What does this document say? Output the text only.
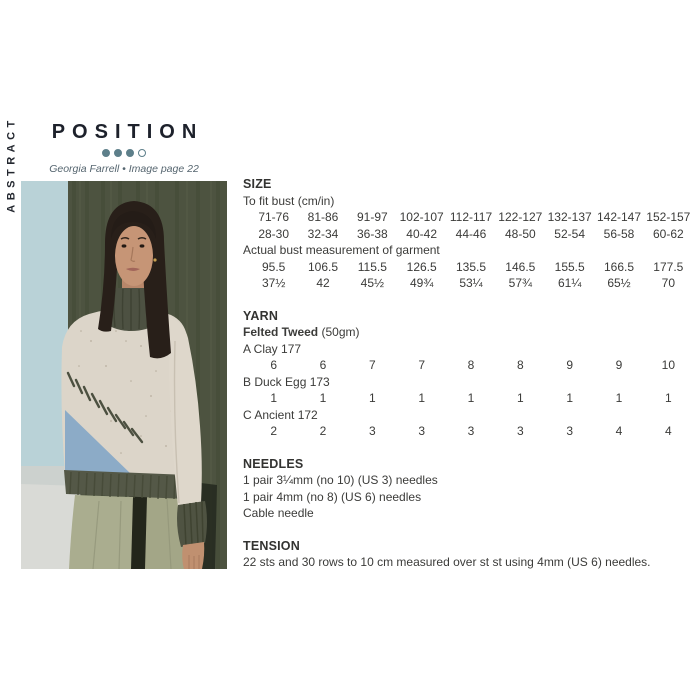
ABSTRACT	POSITION
Georgia Farrell • Image page 22
SIZE
To fit bust (cm/in)
71-76	81-86	91-97 102-107 112-117 122-127 132-137 142-147 152-157
28-30	32-34	36-38	40-42	44-46	48-50	52-54	56-58	60-62
Actual bust measurement of garment
95.5	106.5	115.5	126.5	135.5	146.5	155.5	166.5	177.5
37½	42	45½	49¾	53¼	57¾	61¼	65½	70
YARN
Felted Tweed (50gm)
A Clay 177
6	6	7	7	8	8	9	9	10
B Duck Egg 173
1	1	1	1	1	1	1	1	1
C Ancient 172
2	2	3	3	3	3	3	4	4
NEEDLES
1 pair 3¼mm (no 10) (US 3) needles
1 pair 4mm (no 8) (US 6) needles
Cable needle
TENSION
22 sts and 30 rows to 10 cm measured over st st using 4mm (US 6) needles.
